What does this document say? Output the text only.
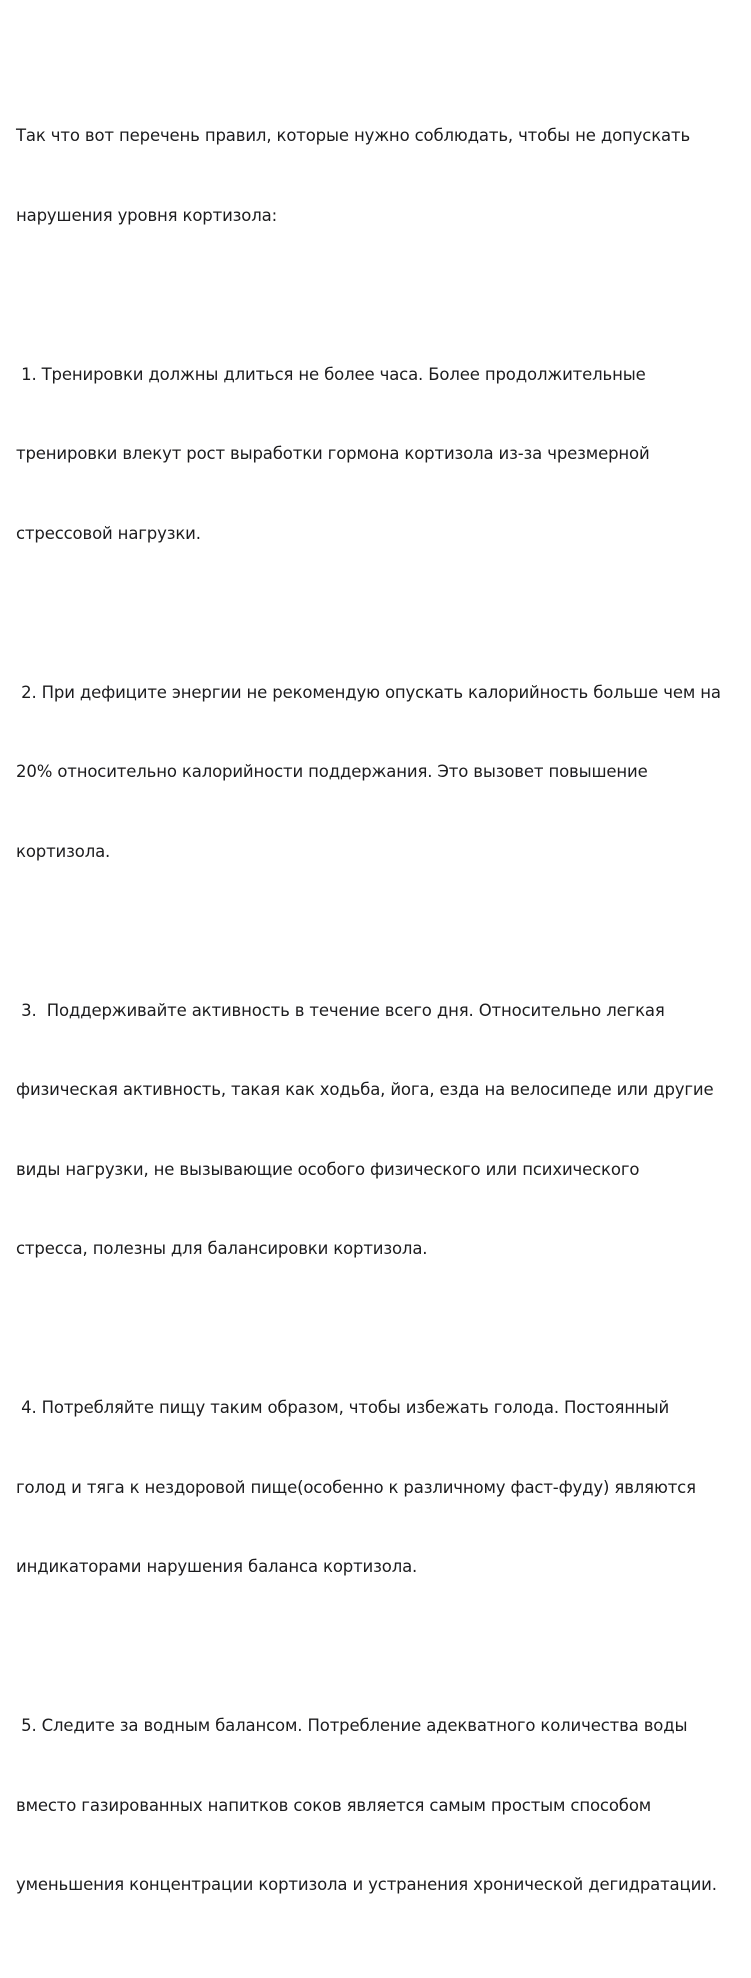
Так что вот перечень правил, которые нужно соблюдать, чтобы не допускать

нарушения уровня кортизола:

1. Тренировки должны длиться не более часа. Более продолжительные

тренировки влекут рост выработки гормона кортизола из-за чрезмерной

стрессовой нагрузки.

2. При дефиците энергии не рекомендую опускать калорийность больше чем на

20% относительно калорийности поддержания. Это вызовет повышение

кортизола.

3.  Поддерживайте активность в течение всего дня. Относительно легкая

физическая активность, такая как ходьба, йога, езда на велосипеде или другие

виды нагрузки, не вызывающие особого физического или психического

стресса, полезны для балансировки кортизола.

4. Потребляйте пищу таким образом, чтобы избежать голода. Постоянный

голод и тяга к нездоровой пище(особенно к различному фаст-фуду) являются

индикаторами нарушения баланса кортизола.

5. Следите за водным балансом. Потребление адекватного количества воды

вместо газированных напитков соков является самым простым способом

уменьшения концентрации кортизола и устранения хронической дегидратации.
